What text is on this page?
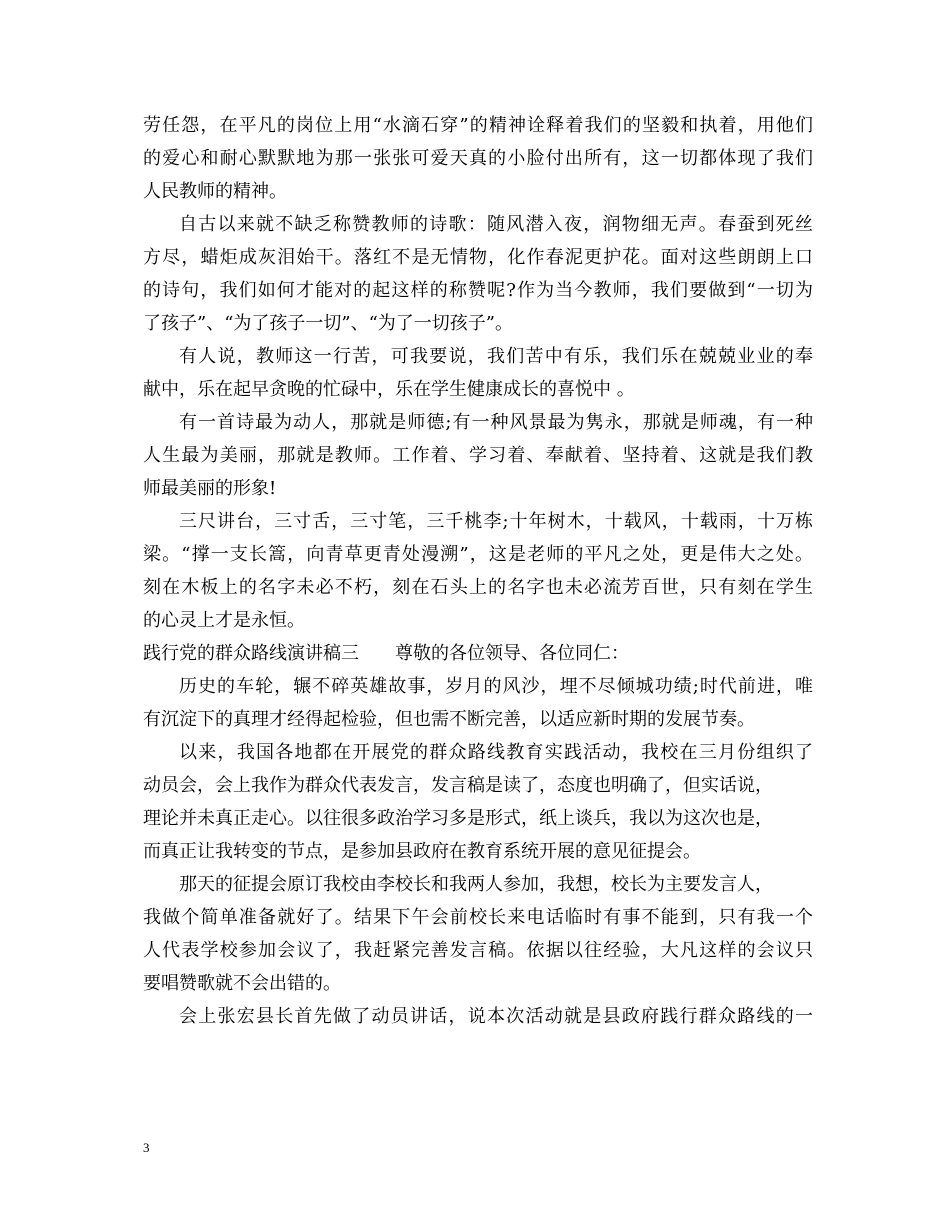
劳任怨，在平凡的岗位上用“水滴石穿”的精神诠释着我们的坚毅和执着，用他们
的爱心和耐心默默地为那一张张可爱天真的小脸付出所有，这一切都体现了我们
人民教师的精神。
自古以来就不缺乏称赞教师的诗歌：随风潜入夜，润物细无声。春蚕到死丝
方尽，蜡炬成灰泪始干。落红不是无情物，化作春泥更护花。面对这些朗朗上口
的诗句，我们如何才能对的起这样的称赞呢?作为当今教师，我们要做到“一切为
了孩子”、“为了孩子一切”、“为了一切孩子”。
有人说，教师这一行苦，可我要说，我们苦中有乐，我们乐在兢兢业业的奉
献中，乐在起早贪晚的忙碌中，乐在学生健康成长的喜悦中 。
有一首诗最为动人，那就是师德;有一种风景最为隽永，那就是师魂，有一种
人生最为美丽，那就是教师。工作着、学习着、奉献着、坚持着、这就是我们教
师最美丽的形象!
三尺讲台，三寸舌，三寸笔，三千桃李;十年树木，十载风，十载雨，十万栋
梁。“撑一支长篙，向青草更青处漫溯”，这是老师的平凡之处，更是伟大之处。
刻在木板上的名字未必不朽，刻在石头上的名字也未必流芳百世，只有刻在学生
的心灵上才是永恒。
践行党的群众路线演讲稿三　　尊敬的各位领导、各位同仁：
历史的车轮，辗不碎英雄故事，岁月的风沙，埋不尽倾城功绩;时代前进，唯
有沉淀下的真理才经得起检验，但也需不断完善，以适应新时期的发展节奏。
以来，我国各地都在开展党的群众路线教育实践活动，我校在三月份组织了
动员会，会上我作为群众代表发言，发言稿是读了，态度也明确了，但实话说，
理论并未真正走心。以往很多政治学习多是形式，纸上谈兵，我以为这次也是，
而真正让我转变的节点，是参加县政府在教育系统开展的意见征提会。
那天的征提会原订我校由李校长和我两人参加，我想，校长为主要发言人，
我做个简单准备就好了。结果下午会前校长来电话临时有事不能到，只有我一个
人代表学校参加会议了，我赶紧完善发言稿。依据以往经验，大凡这样的会议只
要唱赞歌就不会出错的。
会上张宏县长首先做了动员讲话，说本次活动就是县政府践行群众路线的一
3
